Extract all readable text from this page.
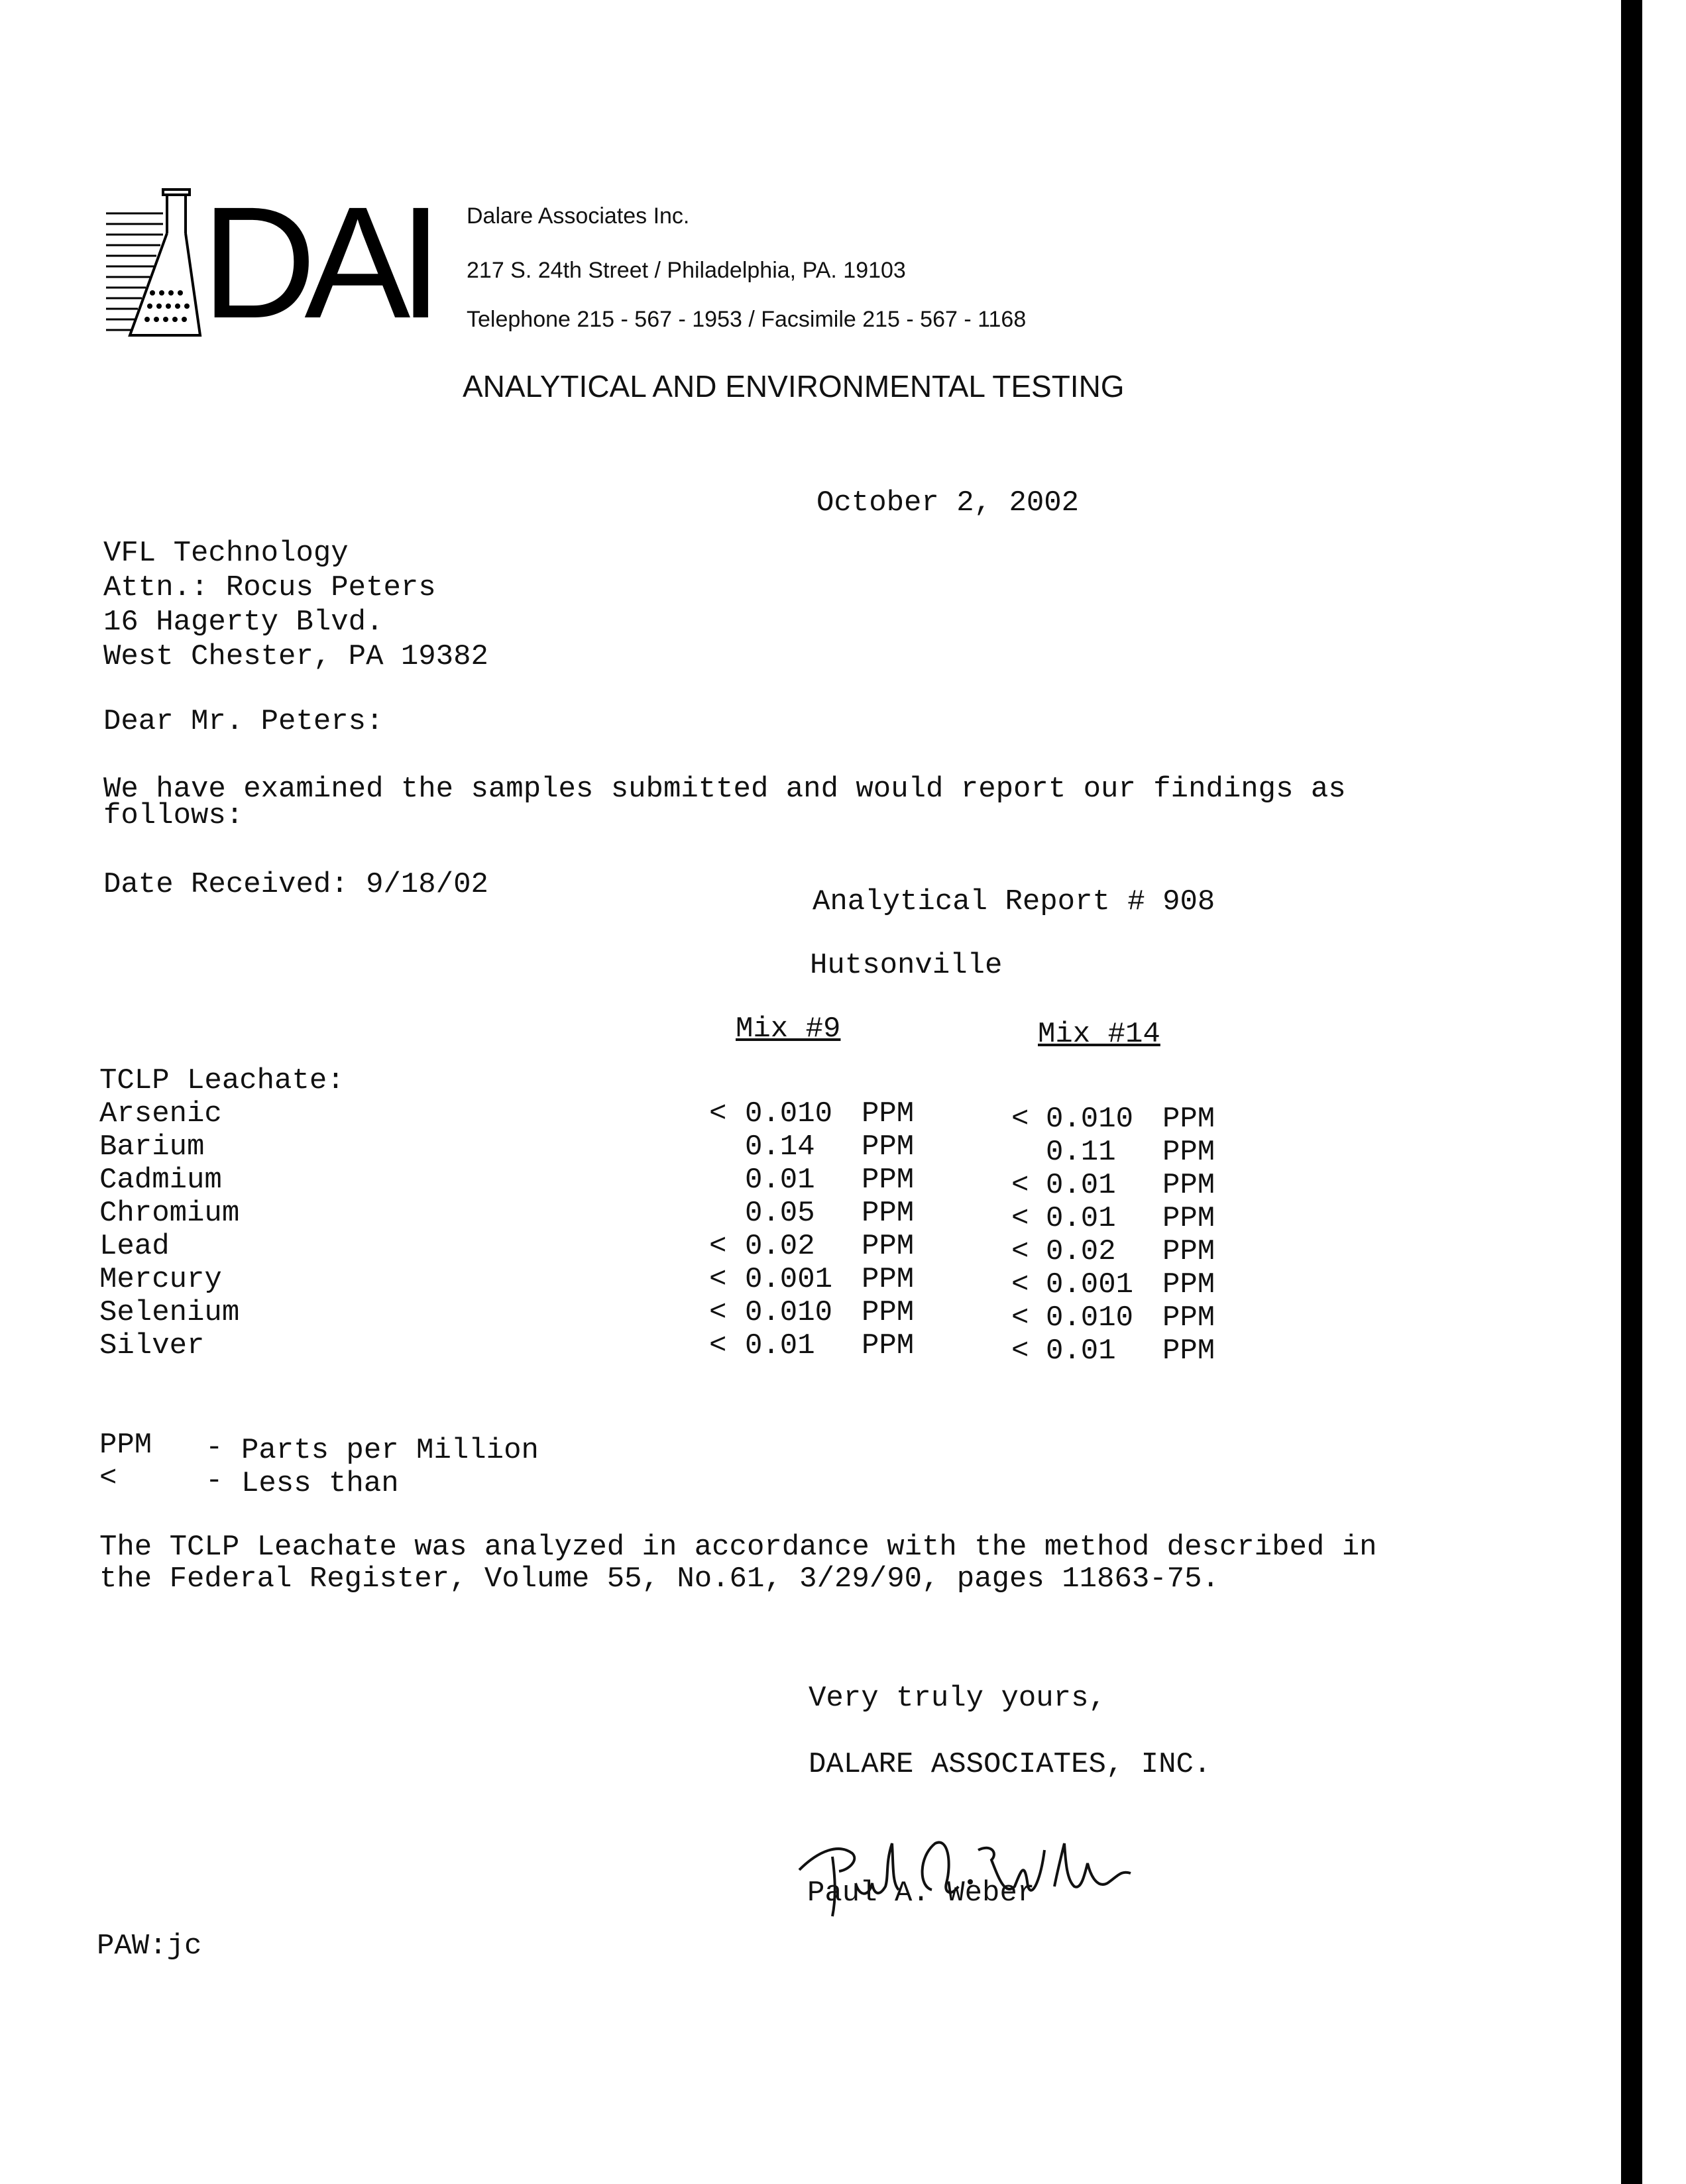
DAI Dalare Associates Inc.
217 S. 24th Street / Philadelphia, PA. 19103
Telephone 215 - 567 - 1953 / Facsimile 215 - 567 - 1168
ANALYTICAL AND ENVIRONMENTAL TESTING
October 2, 2002
VFL Technology
Attn.: Rocus Peters
16 Hagerty Blvd.
West Chester, PA 19382
Dear Mr. Peters:
We have examined the samples submitted and would report our findings as
follows:
Date Received: 9/18/02
Analytical Report # 908
Hutsonville
Mix #9	Mix #14
TCLP Leachate:
Arsenic	< 0.010 PPM	< 0.010 PPM
Barium	0.14 PPM	0.11 PPM
Cadmium	0.01 PPM	< 0.01 PPM
Chromium	0.05 PPM	< 0.01 PPM
Lead	< 0.02 PPM	< 0.02 PPM
Mercury	< 0.001 PPM	< 0.001 PPM
Selenium	< 0.010 PPM	< 0.010 PPM
Silver	< 0.01 PPM	< 0.01 PPM
PPM - Parts per Million
<	- Less than
The TCLP Leachate was analyzed in accordance with the method described in
the Federal Register, Volume 55, No.61, 3/29/90, pages 11863-75.
Very truly yours,
DALARE ASSOCIATES, INC.
Paul A. Weber
PAW:jc
